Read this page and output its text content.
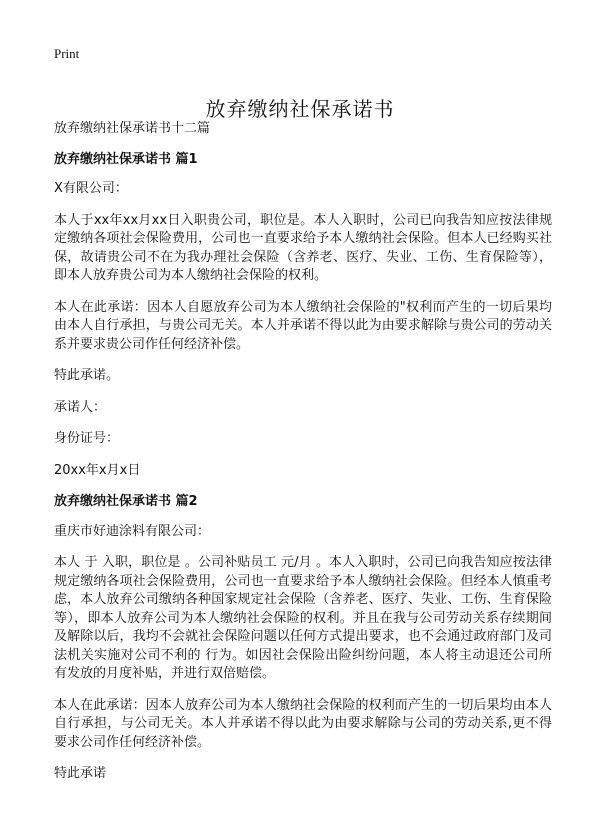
Print
放弃缴纳社保承诺书

放弃缴纳社保承诺书十二篇

放弃缴纳社保承诺书 篇1

X有限公司：

本人于xx年xx月xx日入职贵公司，职位是。本人入职时，公司已向我告知应按法律规定缴纳各项社会保险费用，公司也一直要求给予本人缴纳社会保险。但本人已经购买社保，故请贵公司不在为我办理社会保险（含养老、医疗、失业、工伤、生育保险等），即本人放弃贵公司为本人缴纳社会保险的权利。

本人在此承诺：因本人自愿放弃公司为本人缴纳社会保险的"权利而产生的一切后果均由本人自行承担，与贵公司无关。本人并承诺不得以此为由要求解除与贵公司的劳动关系并要求贵公司作任何经济补偿。

特此承诺。

承诺人：

身份证号：

20xx年x月x日

放弃缴纳社保承诺书 篇2

重庆市好迪涂料有限公司：

本人 于 入职，职位是 。公司补贴员工 元/月 。本人入职时，公司已向我告知应按法律规定缴纳各项社会保险费用，公司也一直要求给予本人缴纳社会保险。但经本人慎重考虑，本人放弃公司缴纳各种国家规定社会保险（含养老、医疗、失业、工伤、生育保险等），即本人放弃公司为本人缴纳社会保险的权利。并且在我与公司劳动关系存续期间及解除以后，我均不会就社会保险问题以任何方式提出要求，也不会通过政府部门及司法机关实施对公司不利的 行为。如因社会保险出险纠纷问题，本人将主动退还公司所有发放的月度补贴，并进行双倍赔偿。

本人在此承诺：因本人放弃公司为本人缴纳社会保险的权利而产生的一切后果均由本人自行承担，与公司无关。本人并承诺不得以此为由要求解除与公司的劳动关系,更不得要求公司作任何经济补偿。

特此承诺
